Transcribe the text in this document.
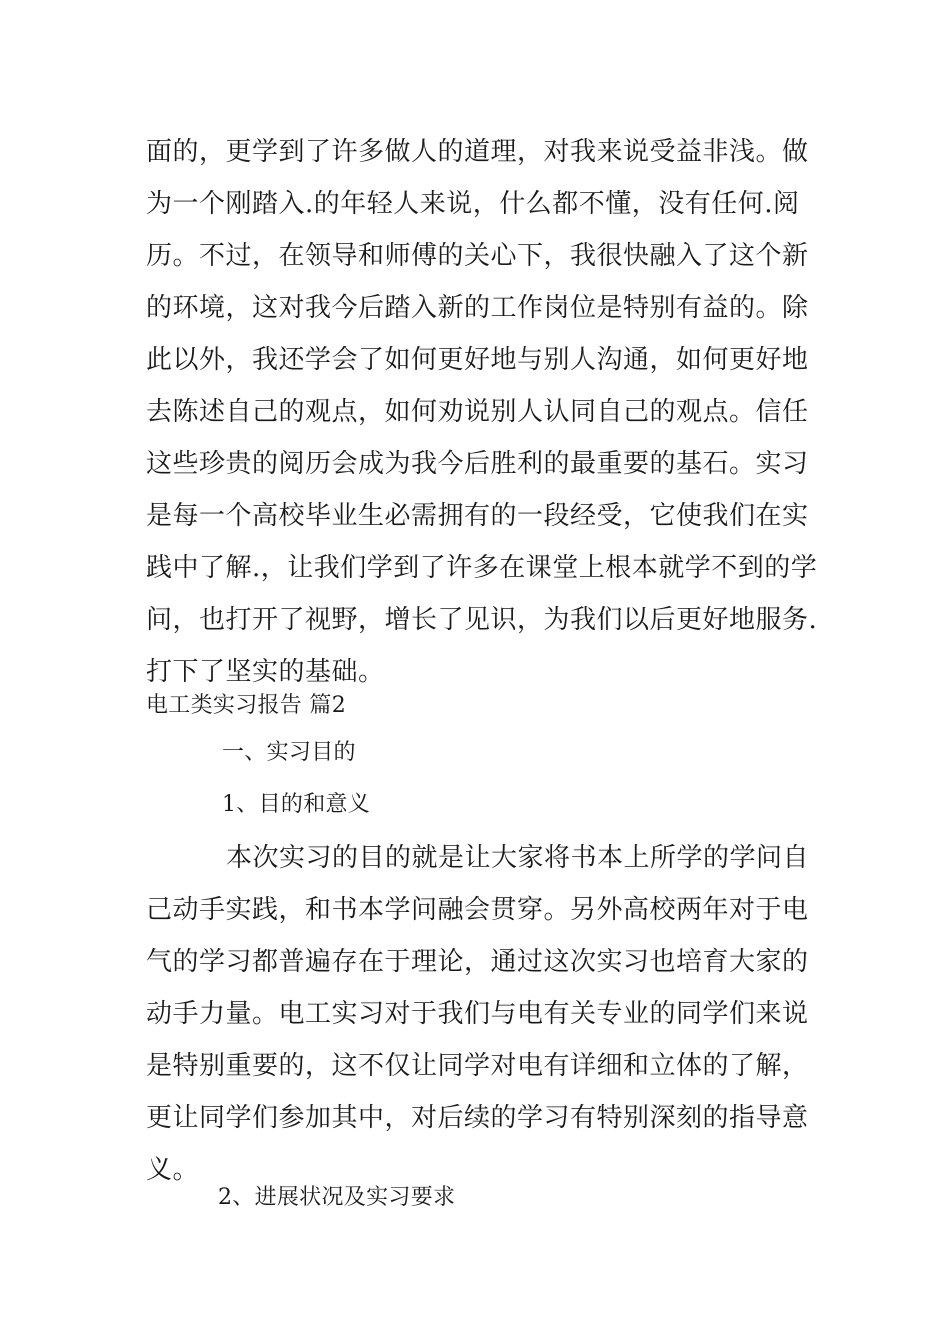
面的，更学到了许多做人的道理，对我来说受益非浅。做
为一个刚踏入.的年轻人来说，什么都不懂，没有任何.阅
历。不过，在领导和师傅的关心下，我很快融入了这个新
的环境，这对我今后踏入新的工作岗位是特别有益的。除
此以外，我还学会了如何更好地与别人沟通，如何更好地
去陈述自己的观点，如何劝说别人认同自己的观点。信任
这些珍贵的阅历会成为我今后胜利的最重要的基石。实习
是每一个高校毕业生必需拥有的一段经受，它使我们在实
践中了解.，让我们学到了许多在课堂上根本就学不到的学
问，也打开了视野，增长了见识，为我们以后更好地服务.
打下了坚实的基础。
电工类实习报告 篇2
一、实习目的
1、目的和意义
本次实习的目的就是让大家将书本上所学的学问自
己动手实践，和书本学问融会贯穿。另外高校两年对于电
气的学习都普遍存在于理论，通过这次实习也培育大家的
动手力量。电工实习对于我们与电有关专业的同学们来说
是特别重要的，这不仅让同学对电有详细和立体的了解，
更让同学们参加其中，对后续的学习有特别深刻的指导意
义。
2、进展状况及实习要求
